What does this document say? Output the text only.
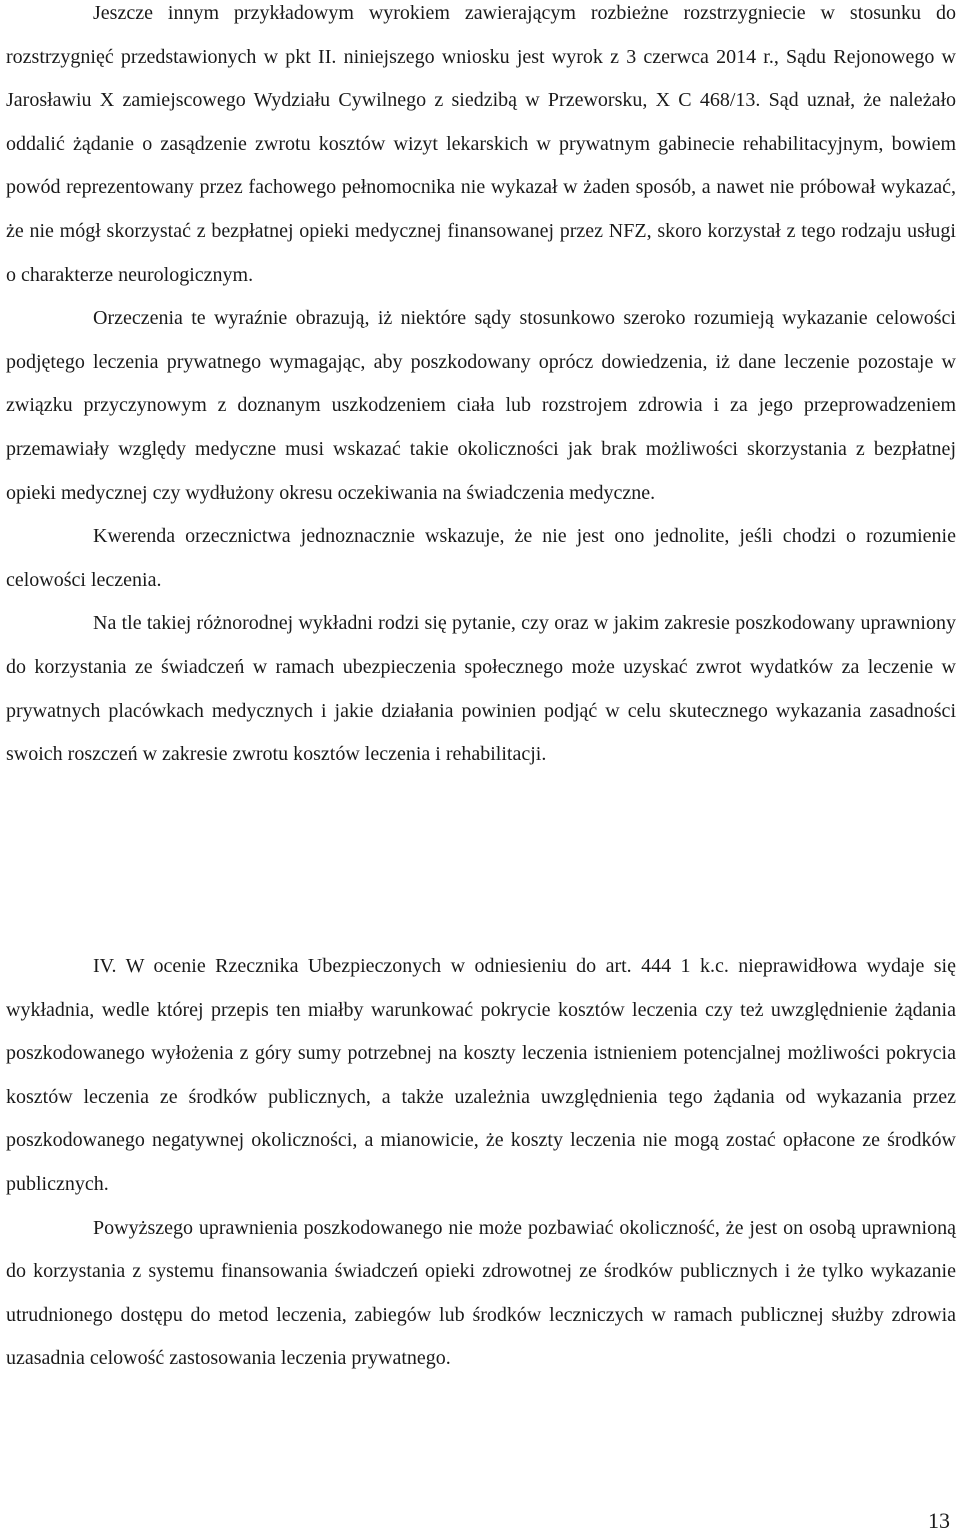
Jeszcze innym przykładowym wyrokiem zawierającym rozbieżne rozstrzygniecie w stosunku do rozstrzygnięć przedstawionych w pkt II. niniejszego wniosku jest wyrok z 3 czerwca 2014 r., Sądu Rejonowego w Jarosławiu X zamiejscowego Wydziału Cywilnego z siedzibą w Przeworsku, X C 468/13. Sąd uznał, że należało oddalić żądanie o zasądzenie zwrotu kosztów wizyt lekarskich w prywatnym gabinecie rehabilitacyjnym, bowiem powód reprezentowany przez fachowego pełnomocnika nie wykazał w żaden sposób, a nawet nie próbował wykazać, że nie mógł skorzystać z bezpłatnej opieki medycznej finansowanej przez NFZ, skoro korzystał z tego rodzaju usługi o charakterze neurologicznym.

Orzeczenia te wyraźnie obrazują, iż niektóre sądy stosunkowo szeroko rozumieją wykazanie celowości podjętego leczenia prywatnego wymagając, aby poszkodowany oprócz dowiedzenia, iż dane leczenie pozostaje w związku przyczynowym z doznanym uszkodzeniem ciała lub rozstrojem zdrowia i za jego przeprowadzeniem przemawiały względy medyczne musi wskazać takie okoliczności jak brak możliwości skorzystania z bezpłatnej opieki medycznej czy wydłużony okresu oczekiwania na świadczenia medyczne.

Kwerenda orzecznictwa jednoznacznie wskazuje, że nie jest ono jednolite, jeśli chodzi o rozumienie celowości leczenia.

Na tle takiej różnorodnej wykładni rodzi się pytanie, czy oraz w jakim zakresie poszkodowany uprawniony do korzystania ze świadczeń w ramach ubezpieczenia społecznego może uzyskać zwrot wydatków za leczenie w prywatnych placówkach medycznych i jakie działania powinien podjąć w celu skutecznego wykazania zasadności swoich roszczeń w zakresie zwrotu kosztów leczenia i rehabilitacji.

IV. W ocenie Rzecznika Ubezpieczonych w odniesieniu do art. 444 1 k.c. nieprawidłowa wydaje się wykładnia, wedle której przepis ten miałby warunkować pokrycie kosztów leczenia czy też uwzględnienie żądania poszkodowanego wyłożenia z góry sumy potrzebnej na koszty leczenia istnieniem potencjalnej możliwości pokrycia kosztów leczenia ze środków publicznych, a także uzależnia uwzględnienia tego żądania od wykazania przez poszkodowanego negatywnej okoliczności, a mianowicie, że koszty leczenia nie mogą zostać opłacone ze środków publicznych.

Powyższego uprawnienia poszkodowanego nie może pozbawiać okoliczność, że jest on osobą uprawnioną do korzystania z systemu finansowania świadczeń opieki zdrowotnej ze środków publicznych i że tylko wykazanie utrudnionego dostępu do metod leczenia, zabiegów lub środków leczniczych w ramach publicznej służby zdrowia uzasadnia celowość zastosowania leczenia prywatnego.

13
